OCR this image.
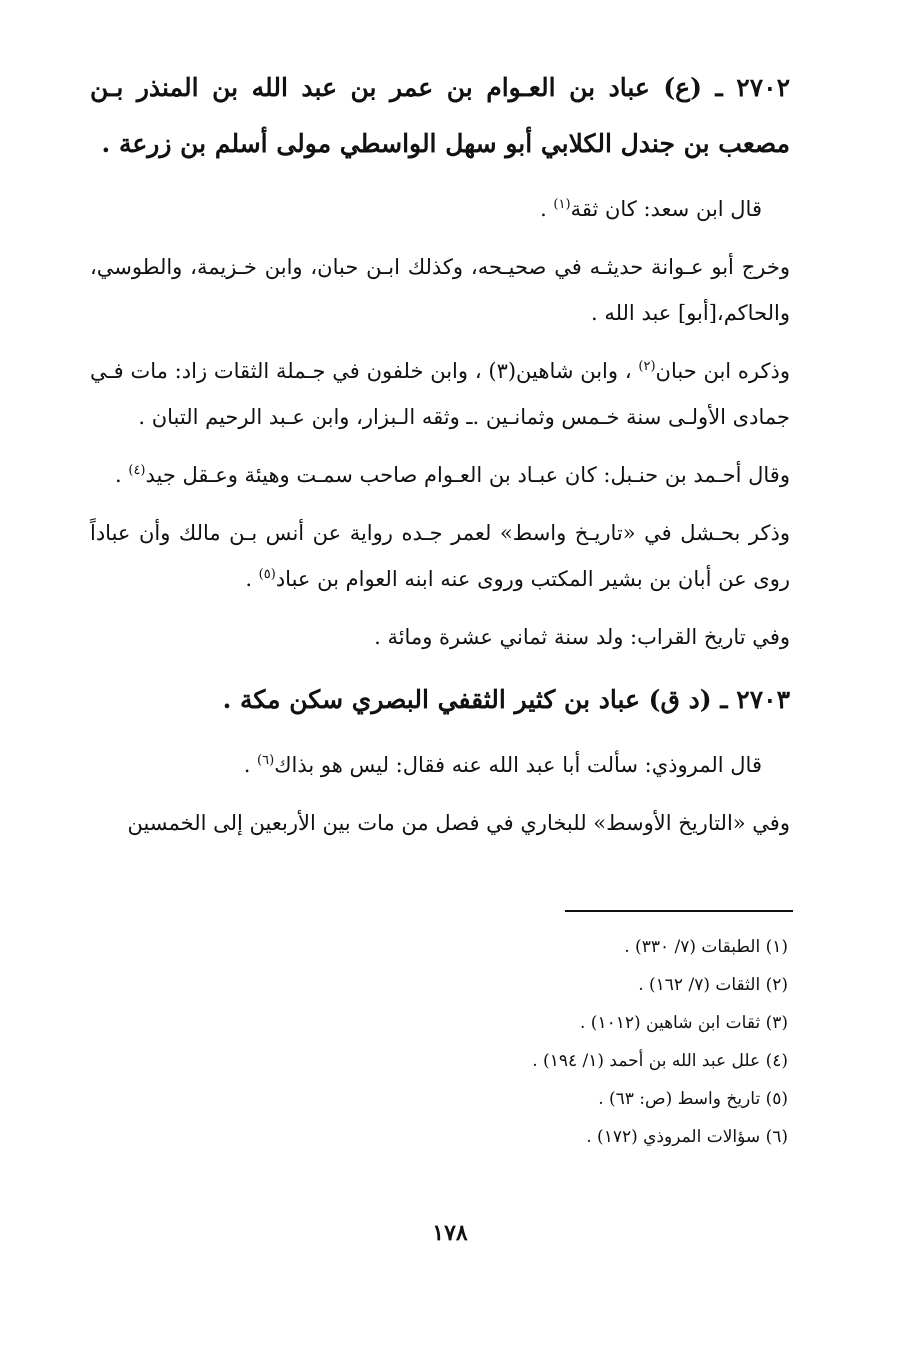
٢٧٠٢ ـ (ع) عباد بن العـوام بن عمر بن عبد الله بن المنذر بـن مصعب بن جندل الكلابي أبو سهل الواسطي مولى أسلم بن زرعة .
قال ابن سعد: كان ثقة$^{(١)}$ .
وخرج أبو عـوانة حديثـه في صحيـحه، وكذلك ابـن حبان، وابن خـزيمة، والطوسي، والحاكم،[أبو] عبد الله .
وذكره ابن حبان$^{(٢)}$ ، وابن شاهين(٣) ، وابن خلفون في جـملة الثقات زاد: مات فـي جمادى الأولـى سنة خـمس وثمانـين .ـ وثقه الـبزار، وابن عـبد الرحيم التبان .
وقال أحـمد بن حنـبل: كان عبـاد بن العـوام صاحب سمـت وهيئة وعـقل جيد$^{(٤)}$ .
وذكر بحـشل في «تاريـخ واسط» لعمر جـده رواية عن أنس بـن مالك وأن عباداً روى عن أبان بن بشير المكتب وروى عنه ابنه العوام بن عباد$^{(٥)}$ .
وفي تاريخ القراب: ولد سنة ثماني عشرة ومائة .
٢٧٠٣ ـ (د ق) عباد بن كثير الثقفي البصري سكن مكة .
قال المروذي: سألت أبا عبد الله عنه فقال: ليس هو بذاك$^{(٦)}$ .
وفي «التاريخ الأوسط» للبخاري في فصل من مات بين الأربعين إلى الخمسين

(١) الطبقات (٧/ ٣٣٠) .

(٢) الثقات (٧/ ١٦٢) .

(٣) ثقات ابن شاهين (١٠١٢) .

(٤) علل عبد الله بن أحمد (١/ ١٩٤) .

(٥) تاريخ واسط (ص: ٦٣) .

(٦) سؤالات المروذي (١٧٢) .

١٧٨
